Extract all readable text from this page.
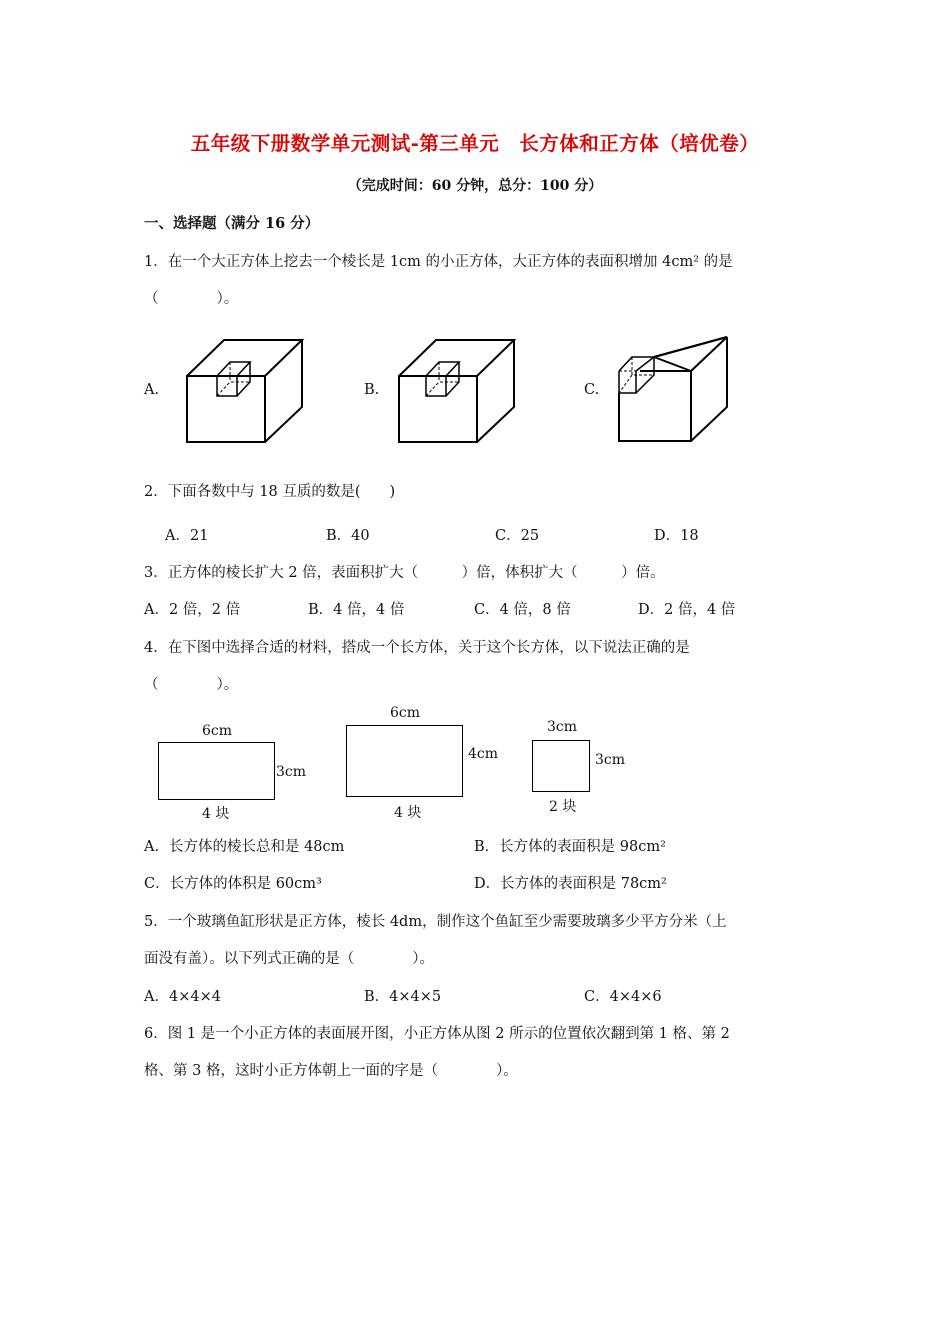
五年级下册数学单元测试-第三单元　长方体和正方体（培优卷）
（完成时间：60 分钟，总分：100 分）
一、选择题（满分 16 分）
1．在一个大正方体上挖去一个棱长是 1cm 的小正方体，大正方体的表面积增加 4cm² 的是
（　　　　）。
A.	B.	C.
2．下面各数中与 18 互质的数是(　　)
A．21	B．40	C．25	D．18
3．正方体的棱长扩大 2 倍，表面积扩大（　　　）倍，体积扩大（　　　）倍。
A．2 倍，2 倍	B．4 倍，4 倍	C．4 倍，8 倍	D．2 倍，4 倍
4．在下图中选择合适的材料，搭成一个长方体，关于这个长方体，以下说法正确的是
（　　　　）。
6cm
3cm
4 块
6cm
4cm
4 块
3cm
3cm
2 块
A．长方体的棱长总和是 48cm	B．长方体的表面积是 98cm²
C．长方体的体积是 60cm³	D．长方体的表面积是 78cm²
5．一个玻璃鱼缸形状是正方体，棱长 4dm，制作这个鱼缸至少需要玻璃多少平方分米（上
面没有盖）。以下列式正确的是（　　　　）。
A．4×4×4	B．4×4×5	C．4×4×6
6．图 1 是一个小正方体的表面展开图，小正方体从图 2 所示的位置依次翻到第 1 格、第 2
格、第 3 格，这时小正方体朝上一面的字是（　　　　）。
